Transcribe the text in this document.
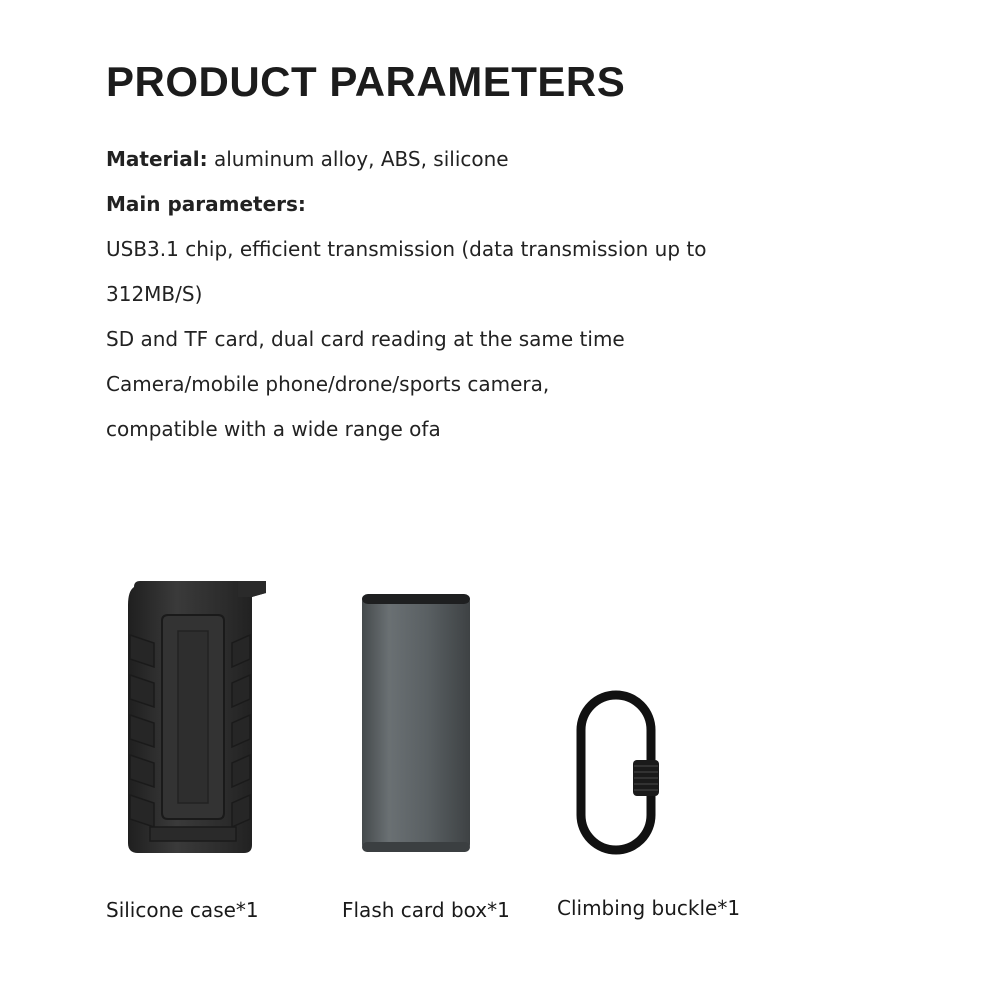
PRODUCT PARAMETERS
Material: aluminum alloy, ABS, silicone
Main parameters:
USB3.1 chip, efficient transmission (data transmission up to
312MB/S)
SD and TF card, dual card reading at the same time
Camera/mobile phone/drone/sports camera,
compatible with a wide range ofa
Silicone case*1	Flash card box*1 Climbing buckle*1
